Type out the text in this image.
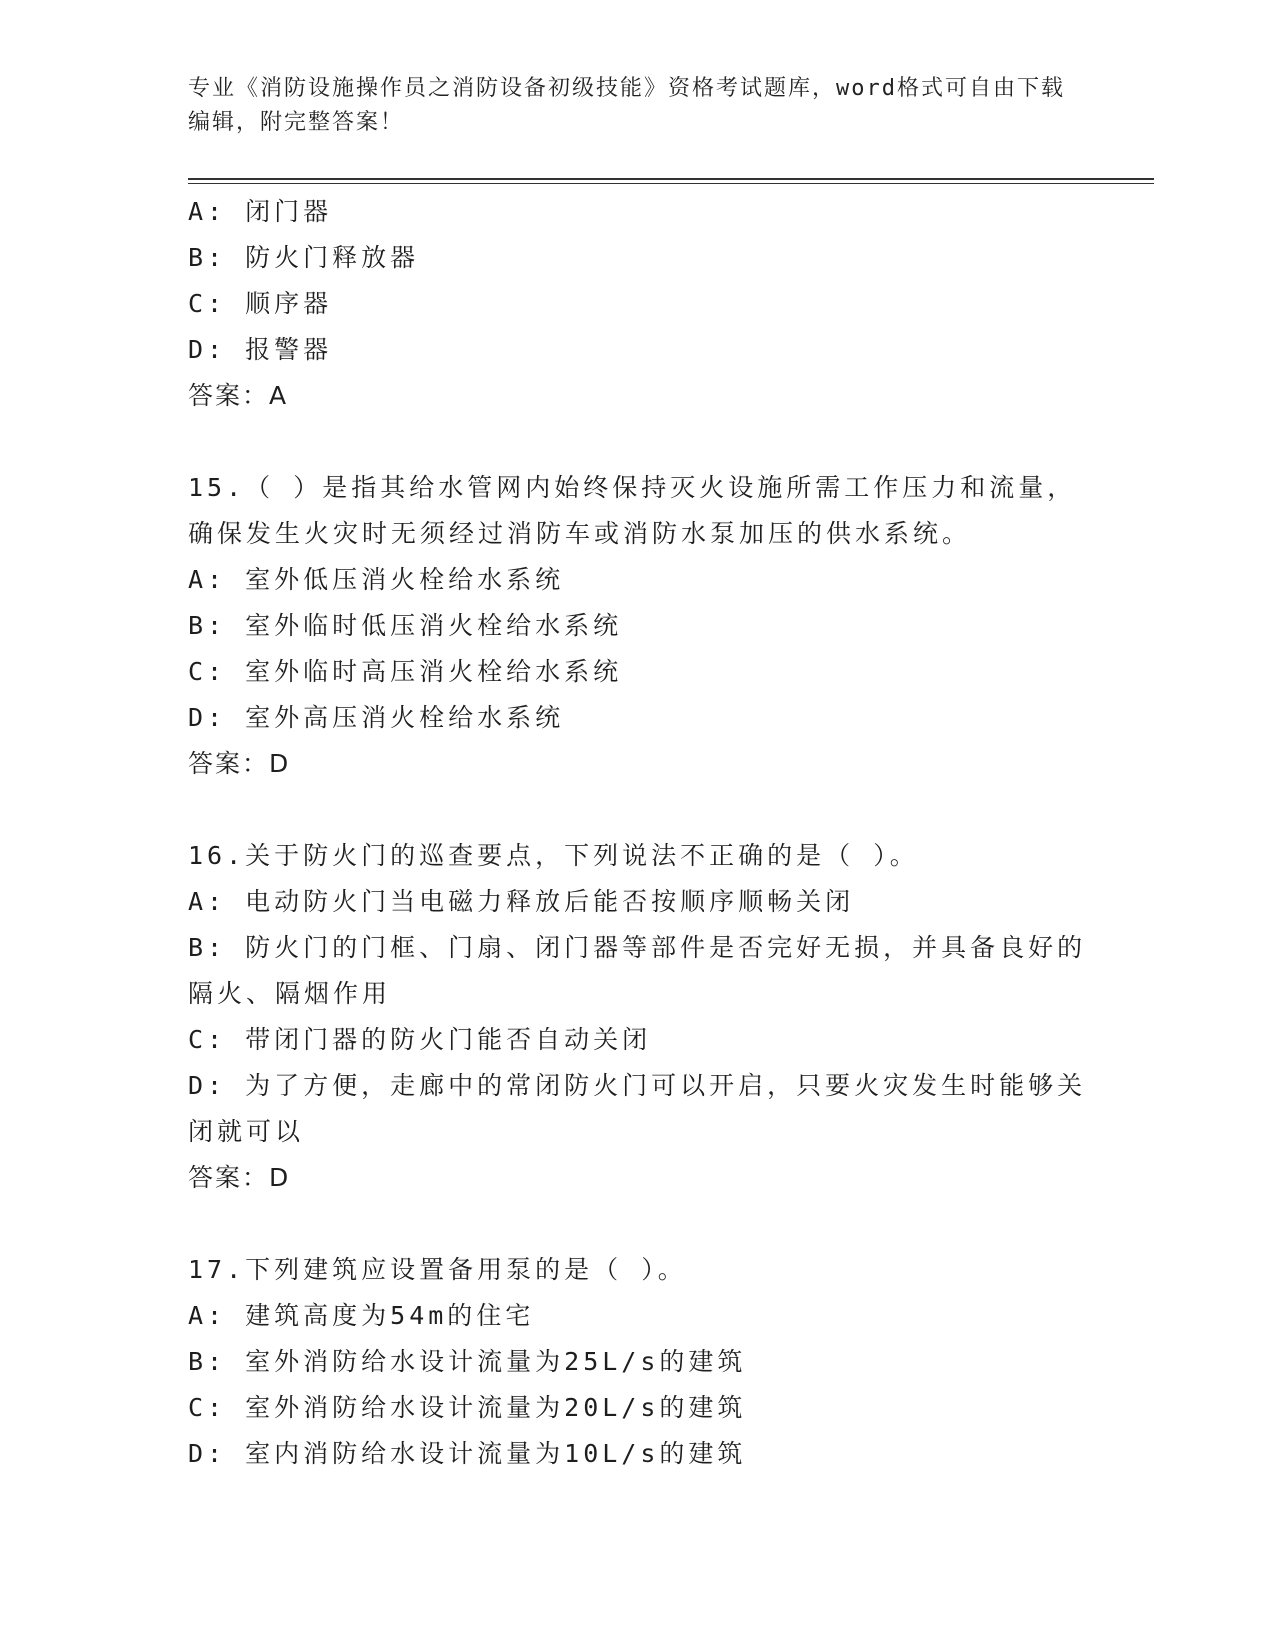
专业《消防设施操作员之消防设备初级技能》资格考试题库，word格式可自由下载编辑，附完整答案！
A: 闭门器
B: 防火门释放器
C: 顺序器
D: 报警器
答案：A
15.（ ）是指其给水管网内始终保持灭火设施所需工作压力和流量，确保发生火灾时无须经过消防车或消防水泵加压的供水系统。
A: 室外低压消火栓给水系统
B: 室外临时低压消火栓给水系统
C: 室外临时高压消火栓给水系统
D: 室外高压消火栓给水系统
答案：D
16.关于防火门的巡查要点，下列说法不正确的是（ ）。
A: 电动防火门当电磁力释放后能否按顺序顺畅关闭
B: 防火门的门框、门扇、闭门器等部件是否完好无损，并具备良好的隔火、隔烟作用
C: 带闭门器的防火门能否自动关闭
D: 为了方便，走廊中的常闭防火门可以开启，只要火灾发生时能够关闭就可以
答案：D
17.下列建筑应设置备用泵的是（ ）。
A: 建筑高度为54m的住宅
B: 室外消防给水设计流量为25L/s的建筑
C: 室外消防给水设计流量为20L/s的建筑
D: 室内消防给水设计流量为10L/s的建筑
